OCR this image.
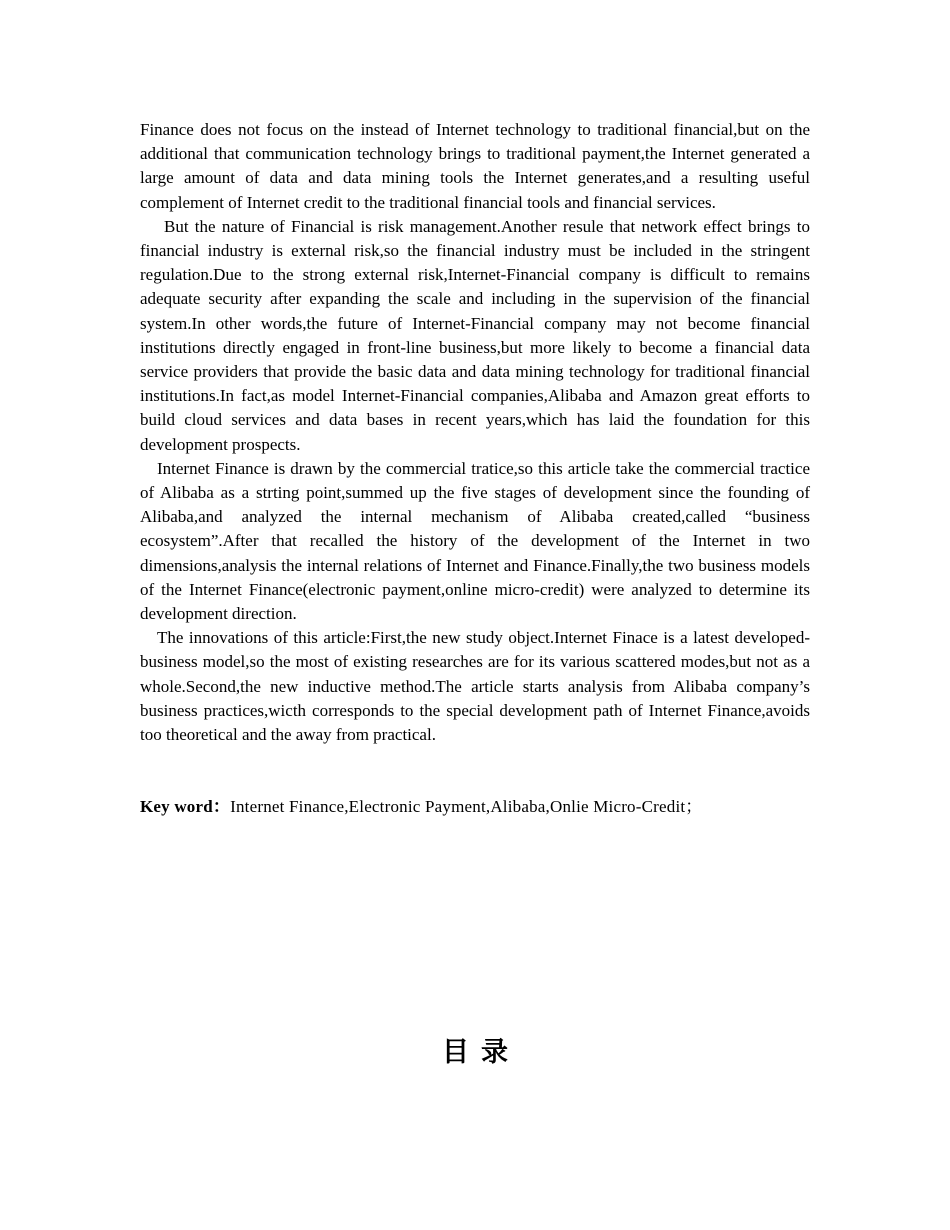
Finance does not focus on the instead of Internet technology to traditional financial,but on the additional that communication technology brings to traditional payment,the Internet generated a large amount of data and data mining tools the Internet generates,and a resulting useful complement of Internet credit to the traditional financial tools and financial services.

But the nature of Financial is risk management.Another resule that network effect brings to financial industry is external risk,so the financial industry must be included in the stringent regulation.Due to the strong external risk,Internet-Financial company is difficult to remains adequate security after expanding the scale and including in the supervision of the financial system.In other words,the future of Internet-Financial company may not become financial institutions directly engaged in front-line business,but more likely to become a financial data service providers that provide the basic data and data mining technology for traditional financial institutions.In fact,as model Internet-Financial companies,Alibaba and Amazon great efforts to build cloud services and data bases in recent years,which has laid the foundation for this development prospects.

Internet Finance is drawn by the commercial tratice,so this article take the commercial tractice of Alibaba as a strting point,summed up the five stages of development since the founding of Alibaba,and analyzed the internal mechanism of Alibaba created,called “business ecosystem”.After that recalled the history of the development of the Internet in two dimensions,analysis the internal relations of Internet and Finance.Finally,the two business models of the Internet Finance(electronic payment,online micro-credit) were analyzed to determine its development direction.

The innovations of this article:First,the new study object.Internet Finace is a latest developed-business model,so the most of existing researches are for its various scattered modes,but not as a whole.Second,the new inductive method.The article starts analysis from Alibaba company’s business practices,wicth corresponds to the special development path of Internet Finance,avoids too theoretical and the away from practical.

Key word：Internet Finance,Electronic Payment,Alibaba,Onlie Micro-Credit；
目录
